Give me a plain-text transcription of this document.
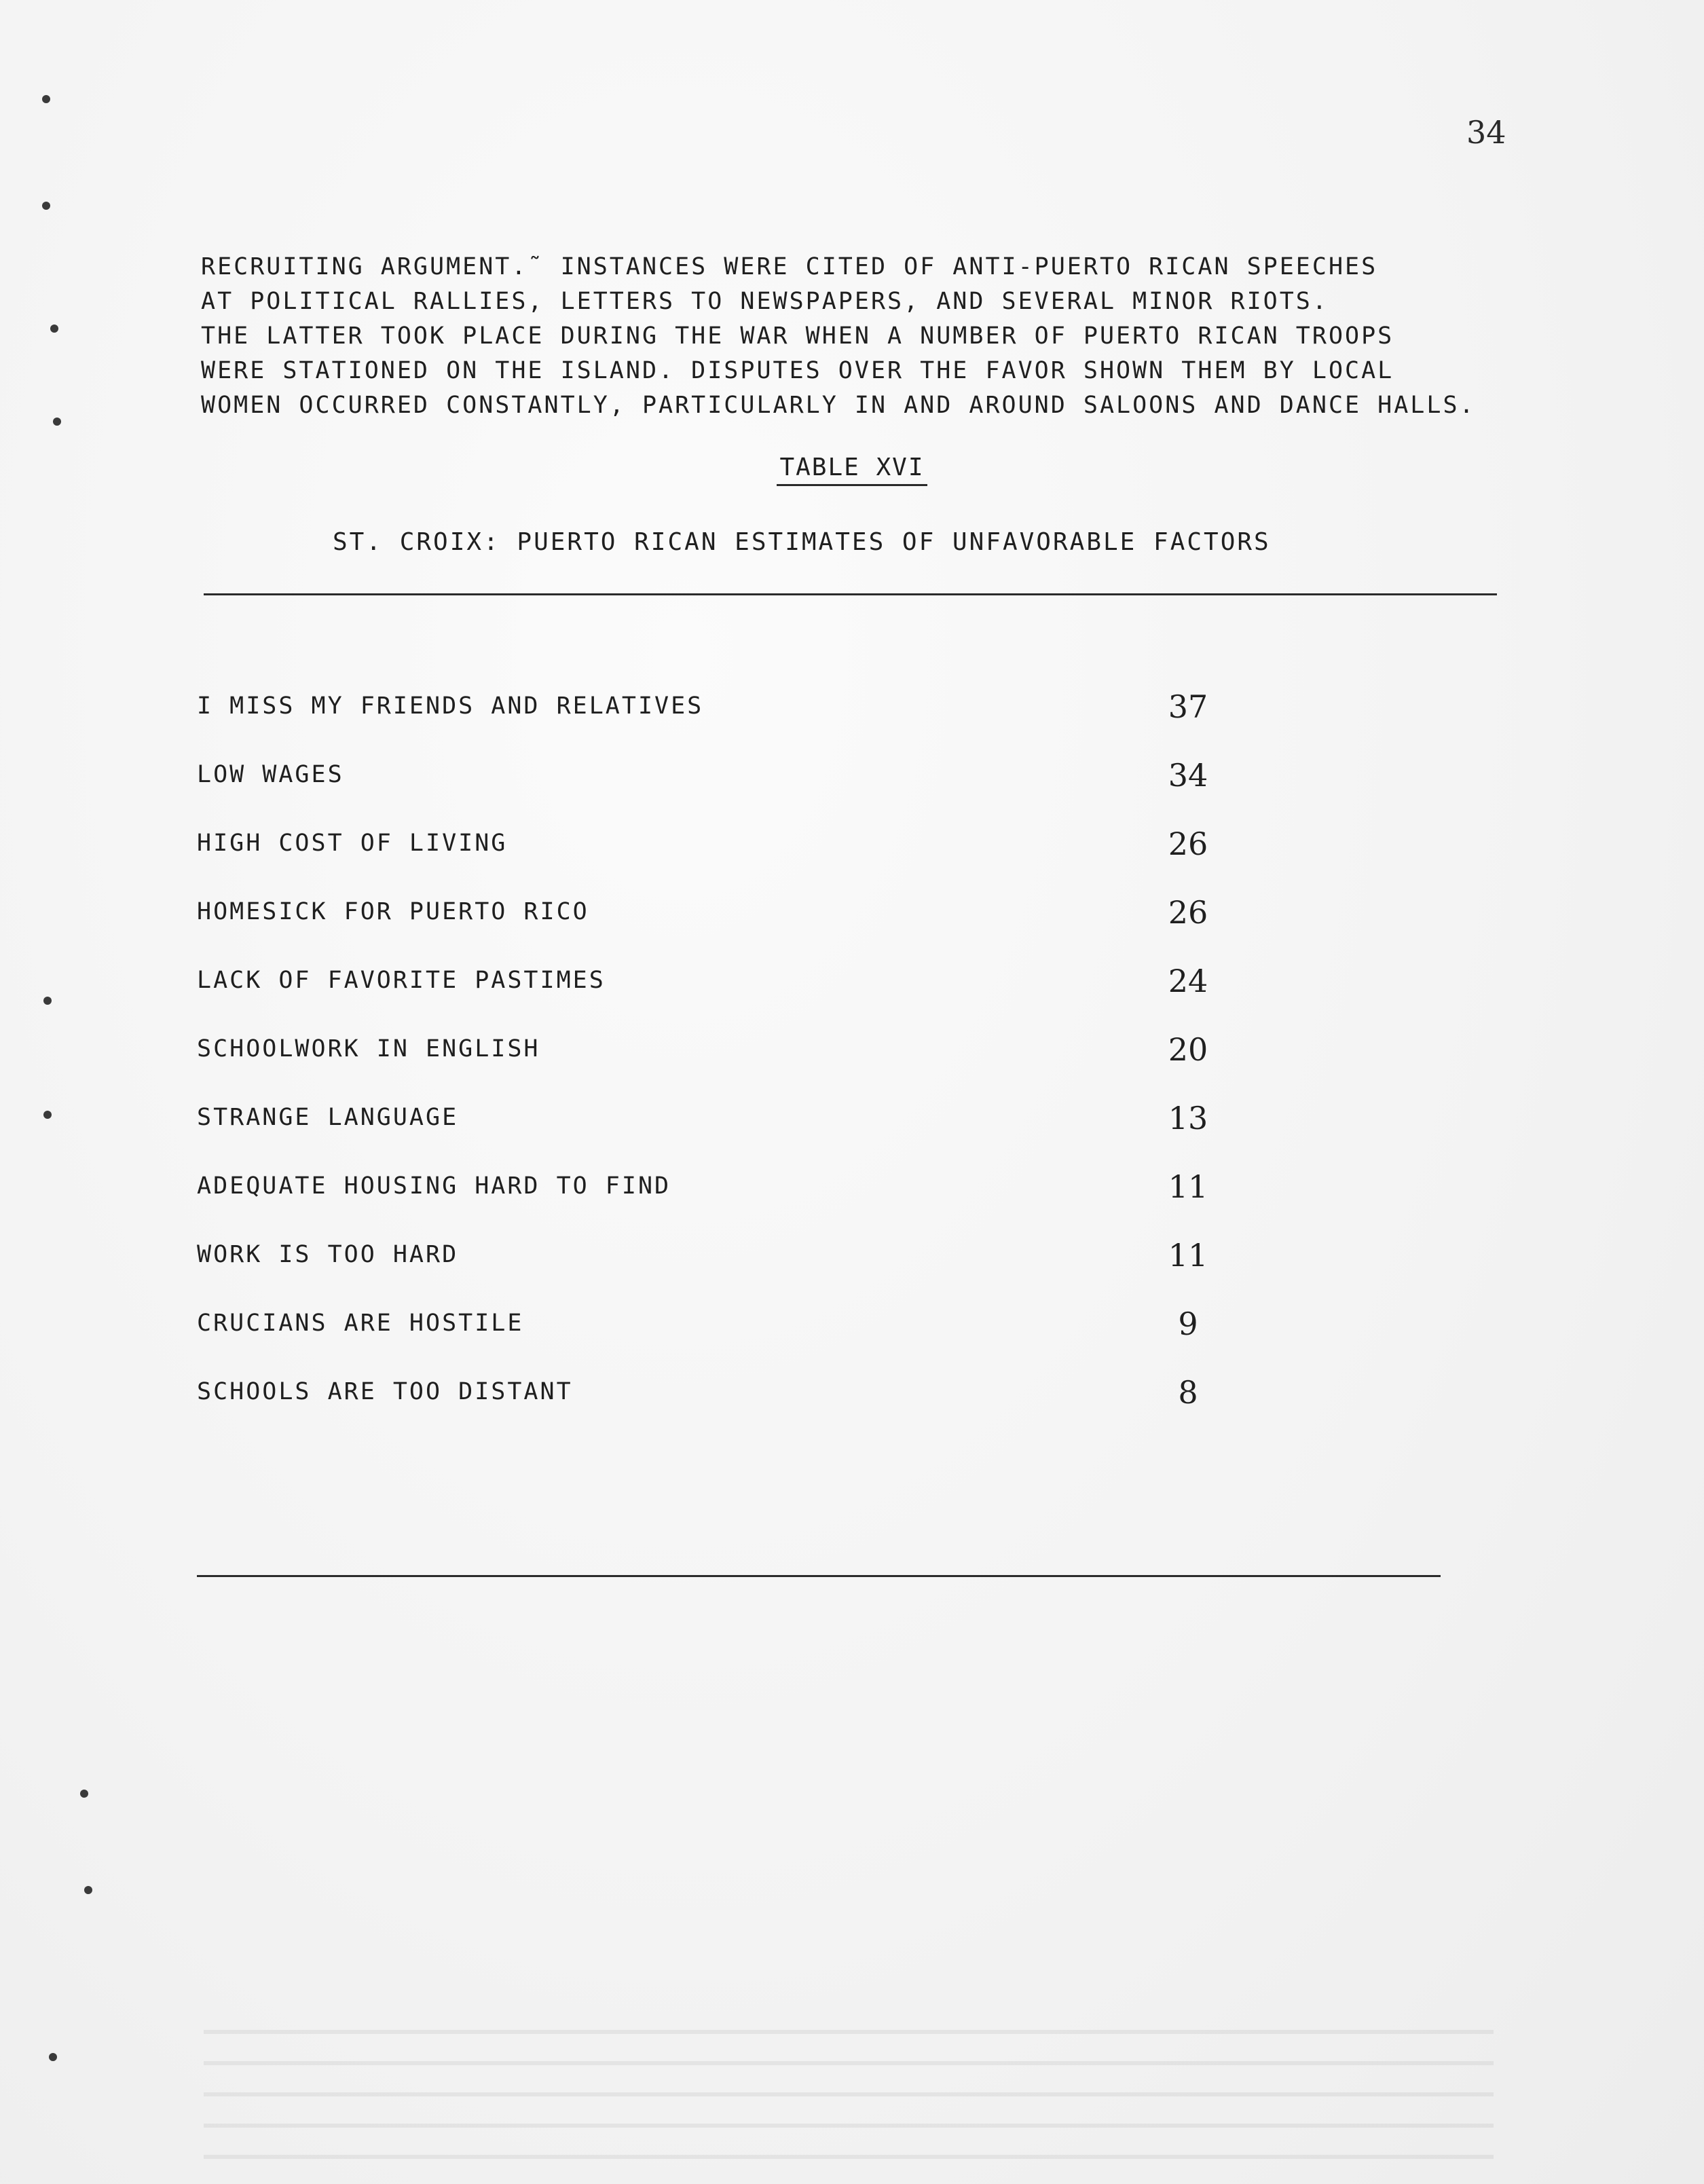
34
RECRUITING ARGUMENT.˜ INSTANCES WERE CITED OF ANTI-PUERTO RICAN SPEECHES
AT POLITICAL RALLIES, LETTERS TO NEWSPAPERS, AND SEVERAL MINOR RIOTS.
THE LATTER TOOK PLACE DURING THE WAR WHEN A NUMBER OF PUERTO RICAN TROOPS
WERE STATIONED ON THE ISLAND. DISPUTES OVER THE FAVOR SHOWN THEM BY LOCAL
WOMEN OCCURRED CONSTANTLY, PARTICULARLY IN AND AROUND SALOONS AND DANCE HALLS.
TABLE XVI
ST. CROIX: PUERTO RICAN ESTIMATES OF UNFAVORABLE FACTORS
I MISS MY FRIENDS AND RELATIVES	37
LOW WAGES	34
HIGH COST OF LIVING	26
HOMESICK FOR PUERTO RICO	26
LACK OF FAVORITE PASTIMES	24
SCHOOLWORK IN ENGLISH	20
STRANGE LANGUAGE	13
ADEQUATE HOUSING HARD TO FIND	11
WORK IS TOO HARD	11
CRUCIANS ARE HOSTILE	9
SCHOOLS ARE TOO DISTANT	8
